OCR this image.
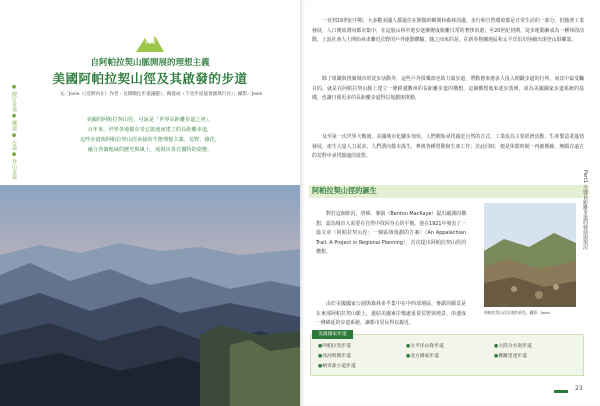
美國
● 健行步道 ● 鐵道 ● 古道 ● 登山步道
自阿帕拉契山脈開展的理想主義
美國阿帕拉契山徑及其啟發的步道
文／Josie（《荒野內在》作者・長期關注步道議題）、陶從成（千里步道協會副執行長）；攝影／Josie
美國的阿帕拉契山徑，可說是「世界長距離步道之祖」，
百年來，世界各地都有受它啟迪而建立的長距離步道，
這些步道與阿帕拉契山徑承接的生態理想主義、荒野、綠化，
融合各個地域的歷史與風土，展現出各自獨特的姿態。
一直到19世紀中期，大多數美國人都還住在開闊的鄉間和森林周邊，步行和自然環境都是日常生活的一部分。但隨著工業發展，人口開始湧向都市集中，在這股山林中遊步逐漸變成脫離日常的奢侈消遣；至20世紀初期，徒步運動漸成為一種休閒活動，上流社會人士開始尋求離近荒野的戶外運動體驗，隨之而來的是，在新英格蘭地區和太平洋沿岸陸續出現登山俱樂部。
除了組織與推廣城市的徒步活動外，這些戶外俱樂部也致力築步道，帶動愈來愈多人投入開闢步道的行列，而其中最受矚目的，就是在阿帕拉契山脈上建立一條跨越數州的長距離步道的構想。這個構想後來逐步落實，成為美國國家步道系統的基礎，也讓日後更多的長距離步道得以規劃與推動。
及至第一次世界大戰後，美國城市化腳步加快，人們開始尋找親近自然的方式，工業成為主要經濟活動，生產製造業蓬勃發展，產生大量人力需求，人們湧向都市謀生，參與各種勞動與生產工作；於此同時，便是休閒時間一再被壓縮，無暇在遠方的荒野中尋找靜謐的遊憩。
阿帕拉契山徑的誕生
對於這個狀況，班頓．麥凱（Benton MacKaye）提出嚴謹的構想，認為城市人需要在自然中找回身心的平衡。他在1921年發表了一篇文章〈阿帕拉契山徑：一個區域規劃的方案〉（An Appalachian Trail: A Project in Regional Planning），首次提出阿帕拉契山徑的構想。
由於美國國家公園與森林多半集中在中西部地區，麥凱的願景是在東部阿帕拉契山脈上，連結美國東岸幾處重要荒野與地景，串連成一條綿延的步道系統，讓都市居民得以親近。
阿帕拉契山徑沿途的景色。攝影／Josie
Part1 全球長距離步道的發展與現況
美國國家步道
●阿帕拉契步道	●太平洋山脊步道	●大陸分水嶺步道
●冰河時期步道	●北方國家步道	●佛羅里達步道
●納奇茲小道步道
23
